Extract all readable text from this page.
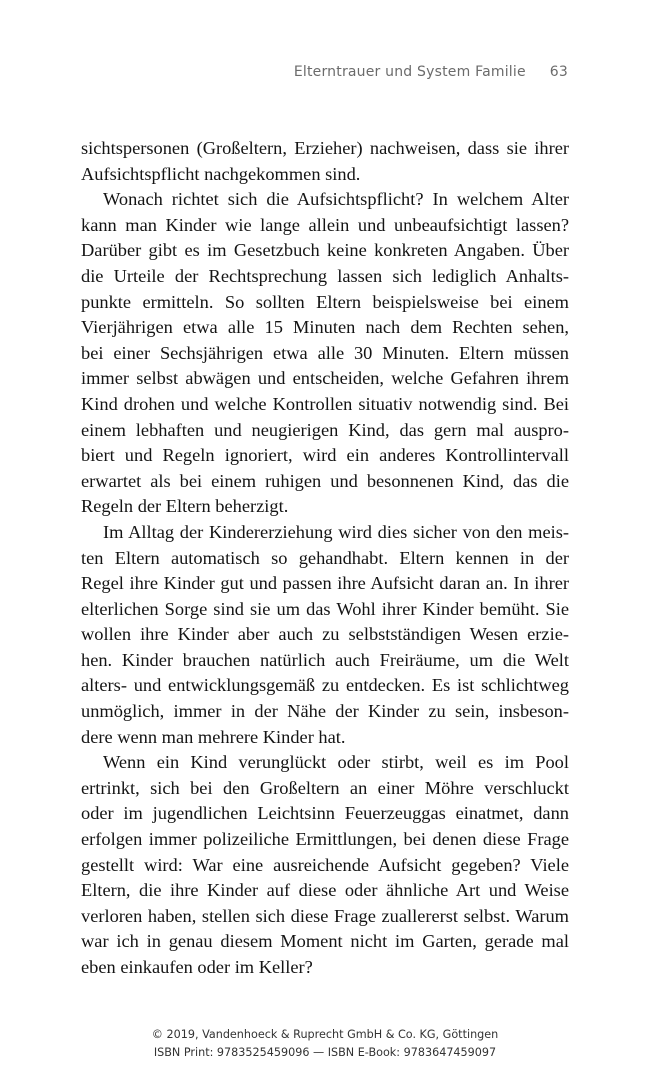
Elterntrauer und System Familie 63
sichtspersonen (Großeltern, Erzieher) nachweisen, dass sie ihrer
Aufsichtspflicht nachgekommen sind.
Wonach richtet sich die Aufsichtspflicht? In welchem Alter
kann man Kinder wie lange allein und unbeaufsichtigt lassen?
Darüber gibt es im Gesetzbuch keine konkreten Angaben. Über
die Urteile der Rechtsprechung lassen sich lediglich Anhalts-
punkte ermitteln. So sollten Eltern beispielsweise bei einem
Vierjährigen etwa alle 15 Minuten nach dem Rechten sehen,
bei einer Sechsjährigen etwa alle 30 Minuten. Eltern müssen
immer selbst abwägen und entscheiden, welche Gefahren ihrem
Kind drohen und welche Kontrollen situativ notwendig sind. Bei
einem lebhaften und neugierigen Kind, das gern mal auspro-
biert und Regeln ignoriert, wird ein anderes Kontrollintervall
erwartet als bei einem ruhigen und besonnenen Kind, das die
Regeln der Eltern beherzigt.
Im Alltag der Kindererziehung wird dies sicher von den meis-
ten Eltern automatisch so gehandhabt. Eltern kennen in der
Regel ihre Kinder gut und passen ihre Aufsicht daran an. In ihrer
elterlichen Sorge sind sie um das Wohl ihrer Kinder bemüht. Sie
wollen ihre Kinder aber auch zu selbstständigen Wesen erzie-
hen. Kinder brauchen natürlich auch Freiräume, um die Welt
alters- und entwicklungsgemäß zu entdecken. Es ist schlichtweg
unmöglich, immer in der Nähe der Kinder zu sein, insbeson-
dere wenn man mehrere Kinder hat.
Wenn ein Kind verunglückt oder stirbt, weil es im Pool
ertrinkt, sich bei den Großeltern an einer Möhre verschluckt
oder im jugendlichen Leichtsinn Feuerzeuggas einatmet, dann
erfolgen immer polizeiliche Ermittlungen, bei denen diese Frage
gestellt wird: War eine ausreichende Aufsicht gegeben? Viele
Eltern, die ihre Kinder auf diese oder ähnliche Art und Weise
verloren haben, stellen sich diese Frage zuallererst selbst. Warum
war ich in genau diesem Moment nicht im Garten, gerade mal
eben einkaufen oder im Keller?
© 2019, Vandenhoeck & Ruprecht GmbH & Co. KG, Göttingen
ISBN Print: 9783525459096 — ISBN E-Book: 9783647459097
